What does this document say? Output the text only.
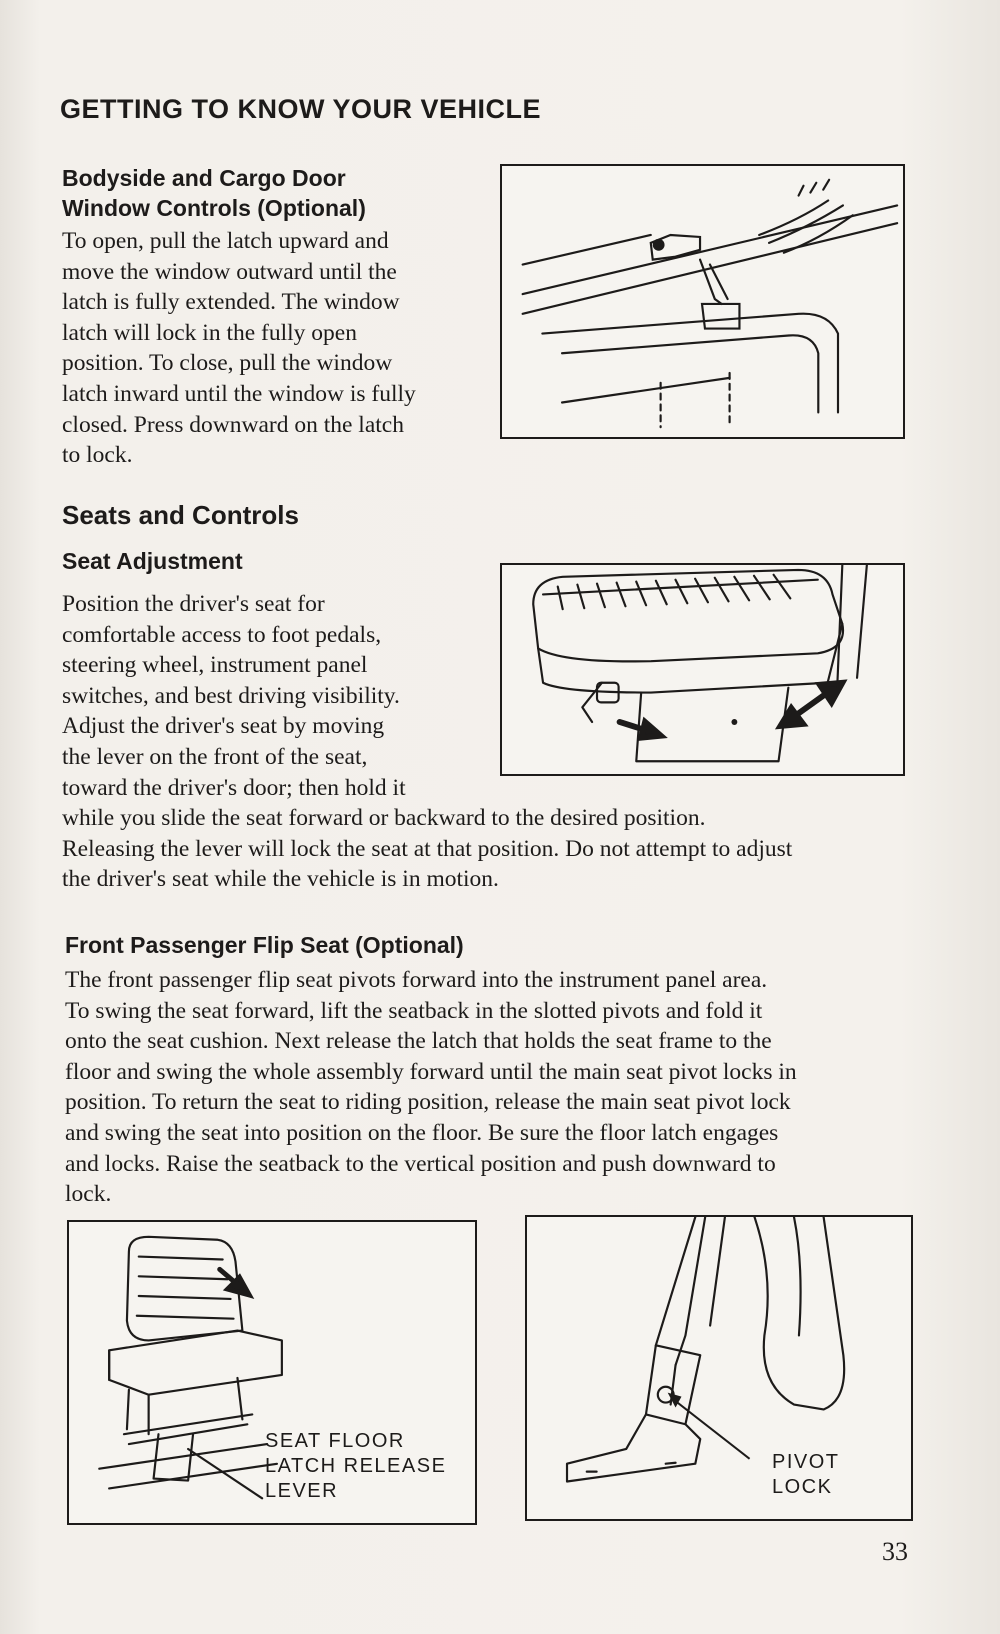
GETTING TO KNOW YOUR VEHICLE
Bodyside and Cargo Door
Window Controls (Optional)
To open, pull the latch upward and
move the window outward until the
latch is fully extended. The window
latch will lock in the fully open
position. To close, pull the window
latch inward until the window is fully
closed. Press downward on the latch
to lock.
Seats and Controls
Seat Adjustment
Position the driver's seat for
comfortable access to foot pedals,
steering wheel, instrument panel
switches, and best driving visibility.
Adjust the driver's seat by moving
the lever on the front of the seat,
toward the driver's door; then hold it
while you slide the seat forward or backward to the desired position.
Releasing the lever will lock the seat at that position. Do not attempt to adjust
the driver's seat while the vehicle is in motion.
Front Passenger Flip Seat (Optional)
The front passenger flip seat pivots forward into the instrument panel area.
To swing the seat forward, lift the seatback in the slotted pivots and fold it
onto the seat cushion. Next release the latch that holds the seat frame to the
floor and swing the whole assembly forward until the main seat pivot locks in
position. To return the seat to riding position, release the main seat pivot lock
and swing the seat into position on the floor. Be sure the floor latch engages
and locks. Raise the seatback to the vertical position and push downward to
lock.
SEAT FLOOR
LATCH RELEASE
LEVER
PIVOT
LOCK
33
